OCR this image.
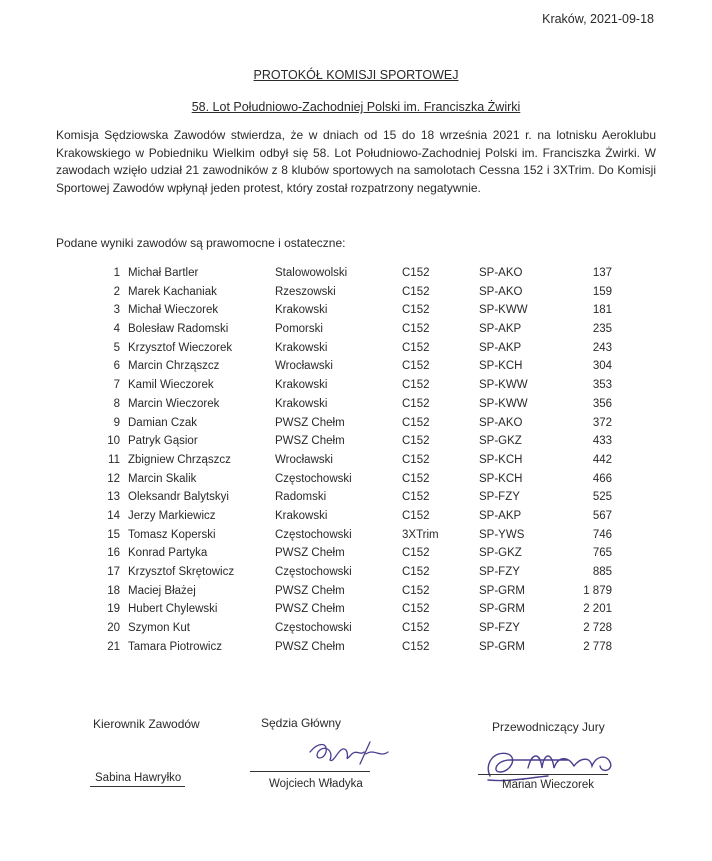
Kraków, 2021-09-18
PROTOKÓŁ KOMISJI SPORTOWEJ
58. Lot Południowo-Zachodniej Polski im. Franciszka Żwirki
Komisja Sędziowska Zawodów stwierdza, że w dniach od 15 do 18 września 2021 r. na lotnisku Aeroklubu Krakowskiego w Pobiedniku Wielkim odbył się 58. Lot Południowo-Zachodniej Polski im. Franciszka Żwirki. W zawodach wzięło udział 21 zawodników z 8 klubów sportowych na samolotach Cessna 152 i 3XTrim. Do Komisji Sportowej Zawodów wpłynął jeden protest, który został rozpatrzony negatywnie.
Podane wyniki zawodów są prawomocne i ostateczne:
1 Michał Bartler	Stalowowolski	C152	SP-AKO	137
2 Marek Kachaniak	Rzeszowski	C152	SP-AKO	159
3 Michał Wieczorek	Krakowski	C152	SP-KWW	181
4 Bolesław Radomski	Pomorski	C152	SP-AKP	235
5 Krzysztof Wieczorek	Krakowski	C152	SP-AKP	243
6 Marcin Chrząszcz	Wrocławski	C152	SP-KCH	304
7 Kamil Wieczorek	Krakowski	C152	SP-KWW	353
8 Marcin Wieczorek	Krakowski	C152	SP-KWW	356
9 Damian Czak	PWSZ Chełm	C152	SP-AKO	372
10 Patryk Gąsior	PWSZ Chełm	C152	SP-GKZ	433
11 Zbigniew Chrząszcz	Wrocławski	C152	SP-KCH	442
12 Marcin Skalik	Częstochowski	C152	SP-KCH	466
13 Oleksandr Balytskyi	Radomski	C152	SP-FZY	525
14 Jerzy Markiewicz	Krakowski	C152	SP-AKP	567
15 Tomasz Koperski	Częstochowski	3XTrim	SP-YWS	746
16 Konrad Partyka	PWSZ Chełm	C152	SP-GKZ	765
17 Krzysztof Skrętowicz	Częstochowski	C152	SP-FZY	885
18 Maciej Błażej	PWSZ Chełm	C152	SP-GRM	1 879
19 Hubert Chylewski	PWSZ Chełm	C152	SP-GRM	2 201
20 Szymon Kut	Częstochowski	C152	SP-FZY	2 728
21 Tamara Piotrowicz	PWSZ Chełm	C152	SP-GRM	2 778
Kierownik Zawodów	Sędzia Główny	Przewodniczący Jury
Sabina Hawryłko	Wojciech Władyka	Marian Wieczorek
